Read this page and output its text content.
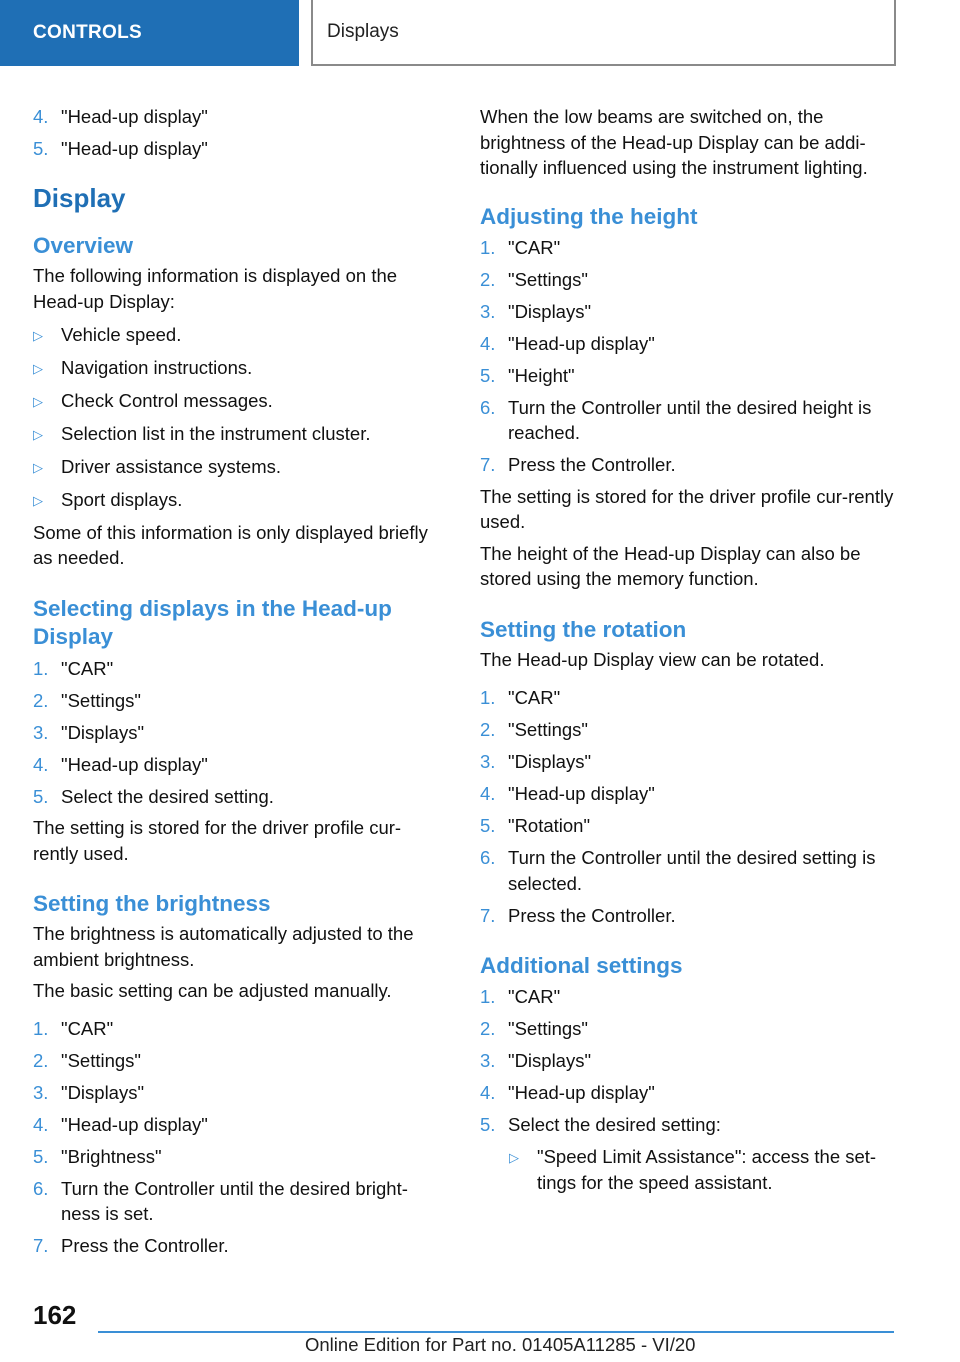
CONTROLS	Displays
4. "Head-up display"
5. "Head-up display"
Display
Overview

The following information is displayed on the Head-up Display:

▷ Vehicle speed.
▷ Navigation instructions.
▷ Check Control messages.
▷ Selection list in the instrument cluster.
▷ Driver assistance systems.
▷ Sport displays.

Some of this information is only displayed briefly as needed.

Selecting displays in the Head-up Display
1. "CAR"
2. "Settings"
3. "Displays"
4. "Head-up display"
5. Select the desired setting.

The setting is stored for the driver profile cur-rently used.

Setting the brightness

The brightness is automatically adjusted to the ambient brightness.

The basic setting can be adjusted manually.

1. "CAR"
2. "Settings"
3. "Displays"
4. "Head-up display"
5. "Brightness"
6. Turn the Controller until the desired bright-ness is set.
7. Press the Controller.

When the low beams are switched on, the brightness of the Head-up Display can be addi-tionally influenced using the instrument lighting.

Adjusting the height
1. "CAR"
2. "Settings"
3. "Displays"
4. "Head-up display"
5. "Height"
6. Turn the Controller until the desired height is reached.
7. Press the Controller.

The setting is stored for the driver profile cur-rently used.

The height of the Head-up Display can also be stored using the memory function.

Setting the rotation

The Head-up Display view can be rotated.

1. "CAR"
2. "Settings"
3. "Displays"
4. "Head-up display"
5. "Rotation"
6. Turn the Controller until the desired setting is selected.
7. Press the Controller.
Additional settings
1. "CAR"
2. "Settings"
3. "Displays"
4. "Head-up display"
5. Select the desired setting:
▷ "Speed Limit Assistance": access the set-tings for the speed assistant.
162
Online Edition for Part no. 01405A11285 - VI/20
